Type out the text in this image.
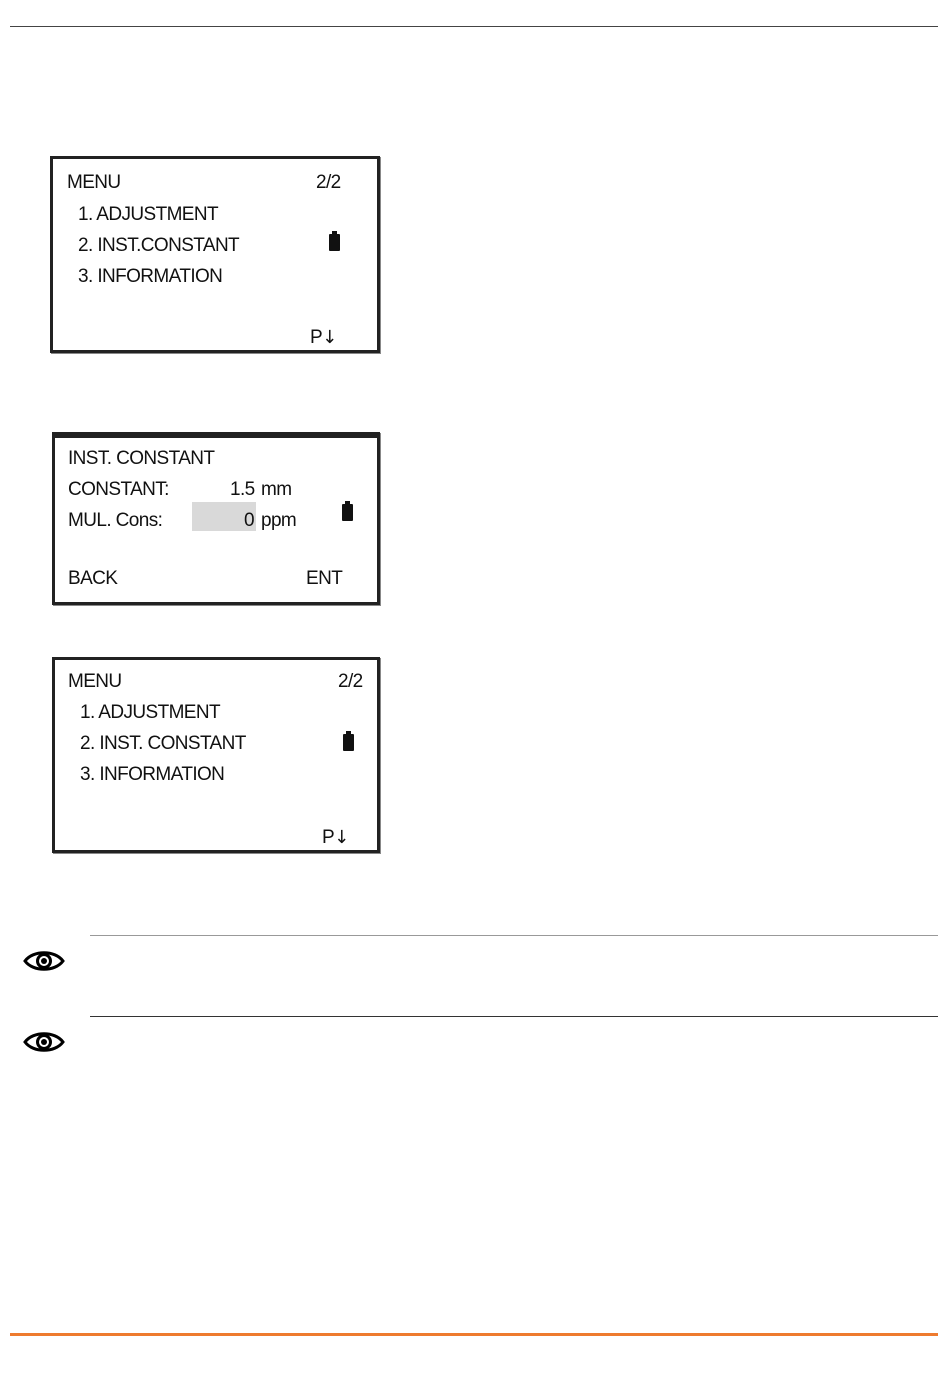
MENU	2/2
1. ADJUSTMENT
2. INST.CONSTANT
3. INFORMATION
P↓
INST. CONSTANT
CONSTANT:	1.5 mm
MUL. Cons:	0 ppm
BACK	ENT
MENU	2/2
1. ADJUSTMENT
2. INST. CONSTANT
3. INFORMATION
P↓
